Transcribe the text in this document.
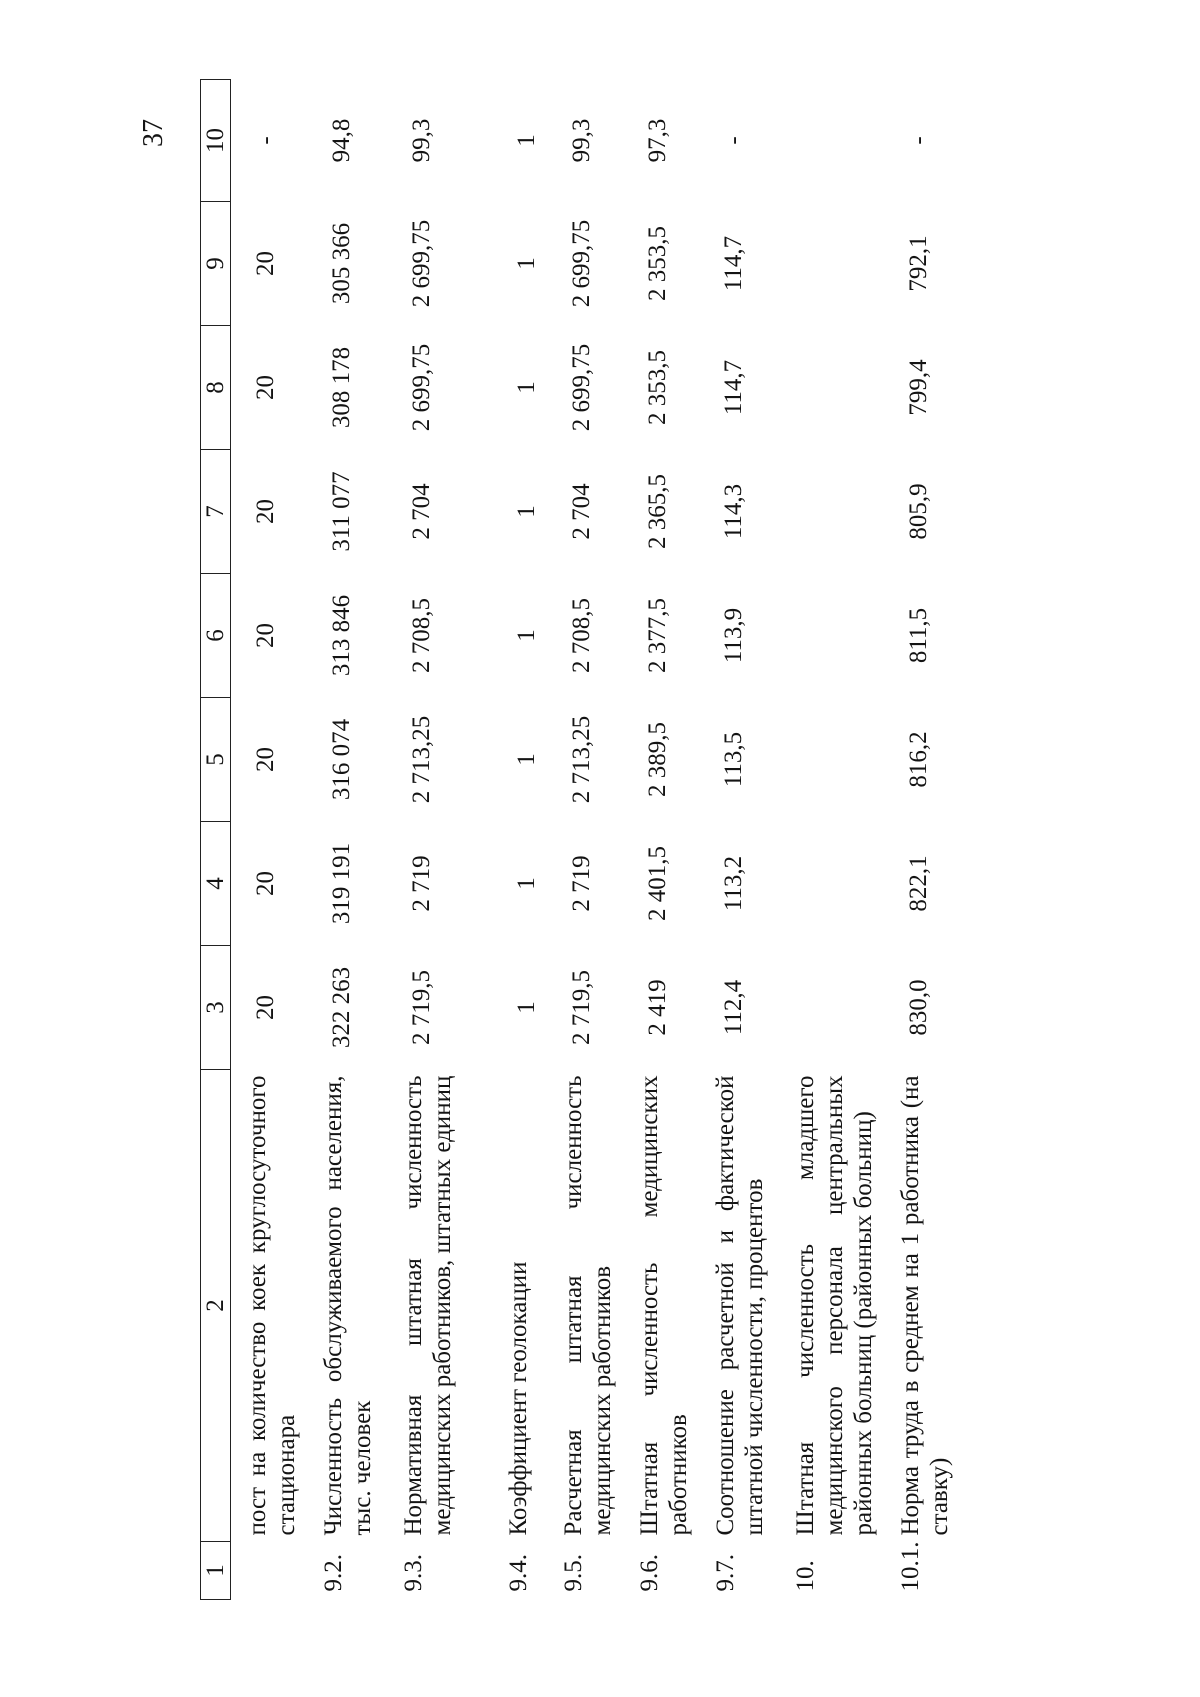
37
1	2	3	4	5	6	7	8	9	10
	пост на количество коек круглосуточного стационара	20	20	20	20	20	20	20	-
9.2.	Численность обслуживаемого населения, тыс. человек	322 263	319 191	316 074	313 846	311 077	308 178	305 366	94,8
9.3.	Нормативная штатная численность медицинских работников, штатных единиц	2 719,5	2 719	2 713,25	2 708,5	2 704	2 699,75	2 699,75	99,3
9.4.	Коэффициент геолокации	1	1	1	1	1	1	1	1
9.5.	Расчетная штатная численность медицинских работников	2 719,5	2 719	2 713,25	2 708,5	2 704	2 699,75	2 699,75	99,3
9.6.	Штатная численность медицинских работников	2 419	2 401,5	2 389,5	2 377,5	2 365,5	2 353,5	2 353,5	97,3
9.7.	Соотношение расчетной и фактической штатной численности, процентов	112,4	113,2	113,5	113,9	114,3	114,7	114,7	-
10.	Штатная численность младшего медицинского персонала центральных районных больниц (районных больниц)								
10.1.	Норма труда в среднем на 1 работника (на ставку)	830,0	822,1	816,2	811,5	805,9	799,4	792,1	-
